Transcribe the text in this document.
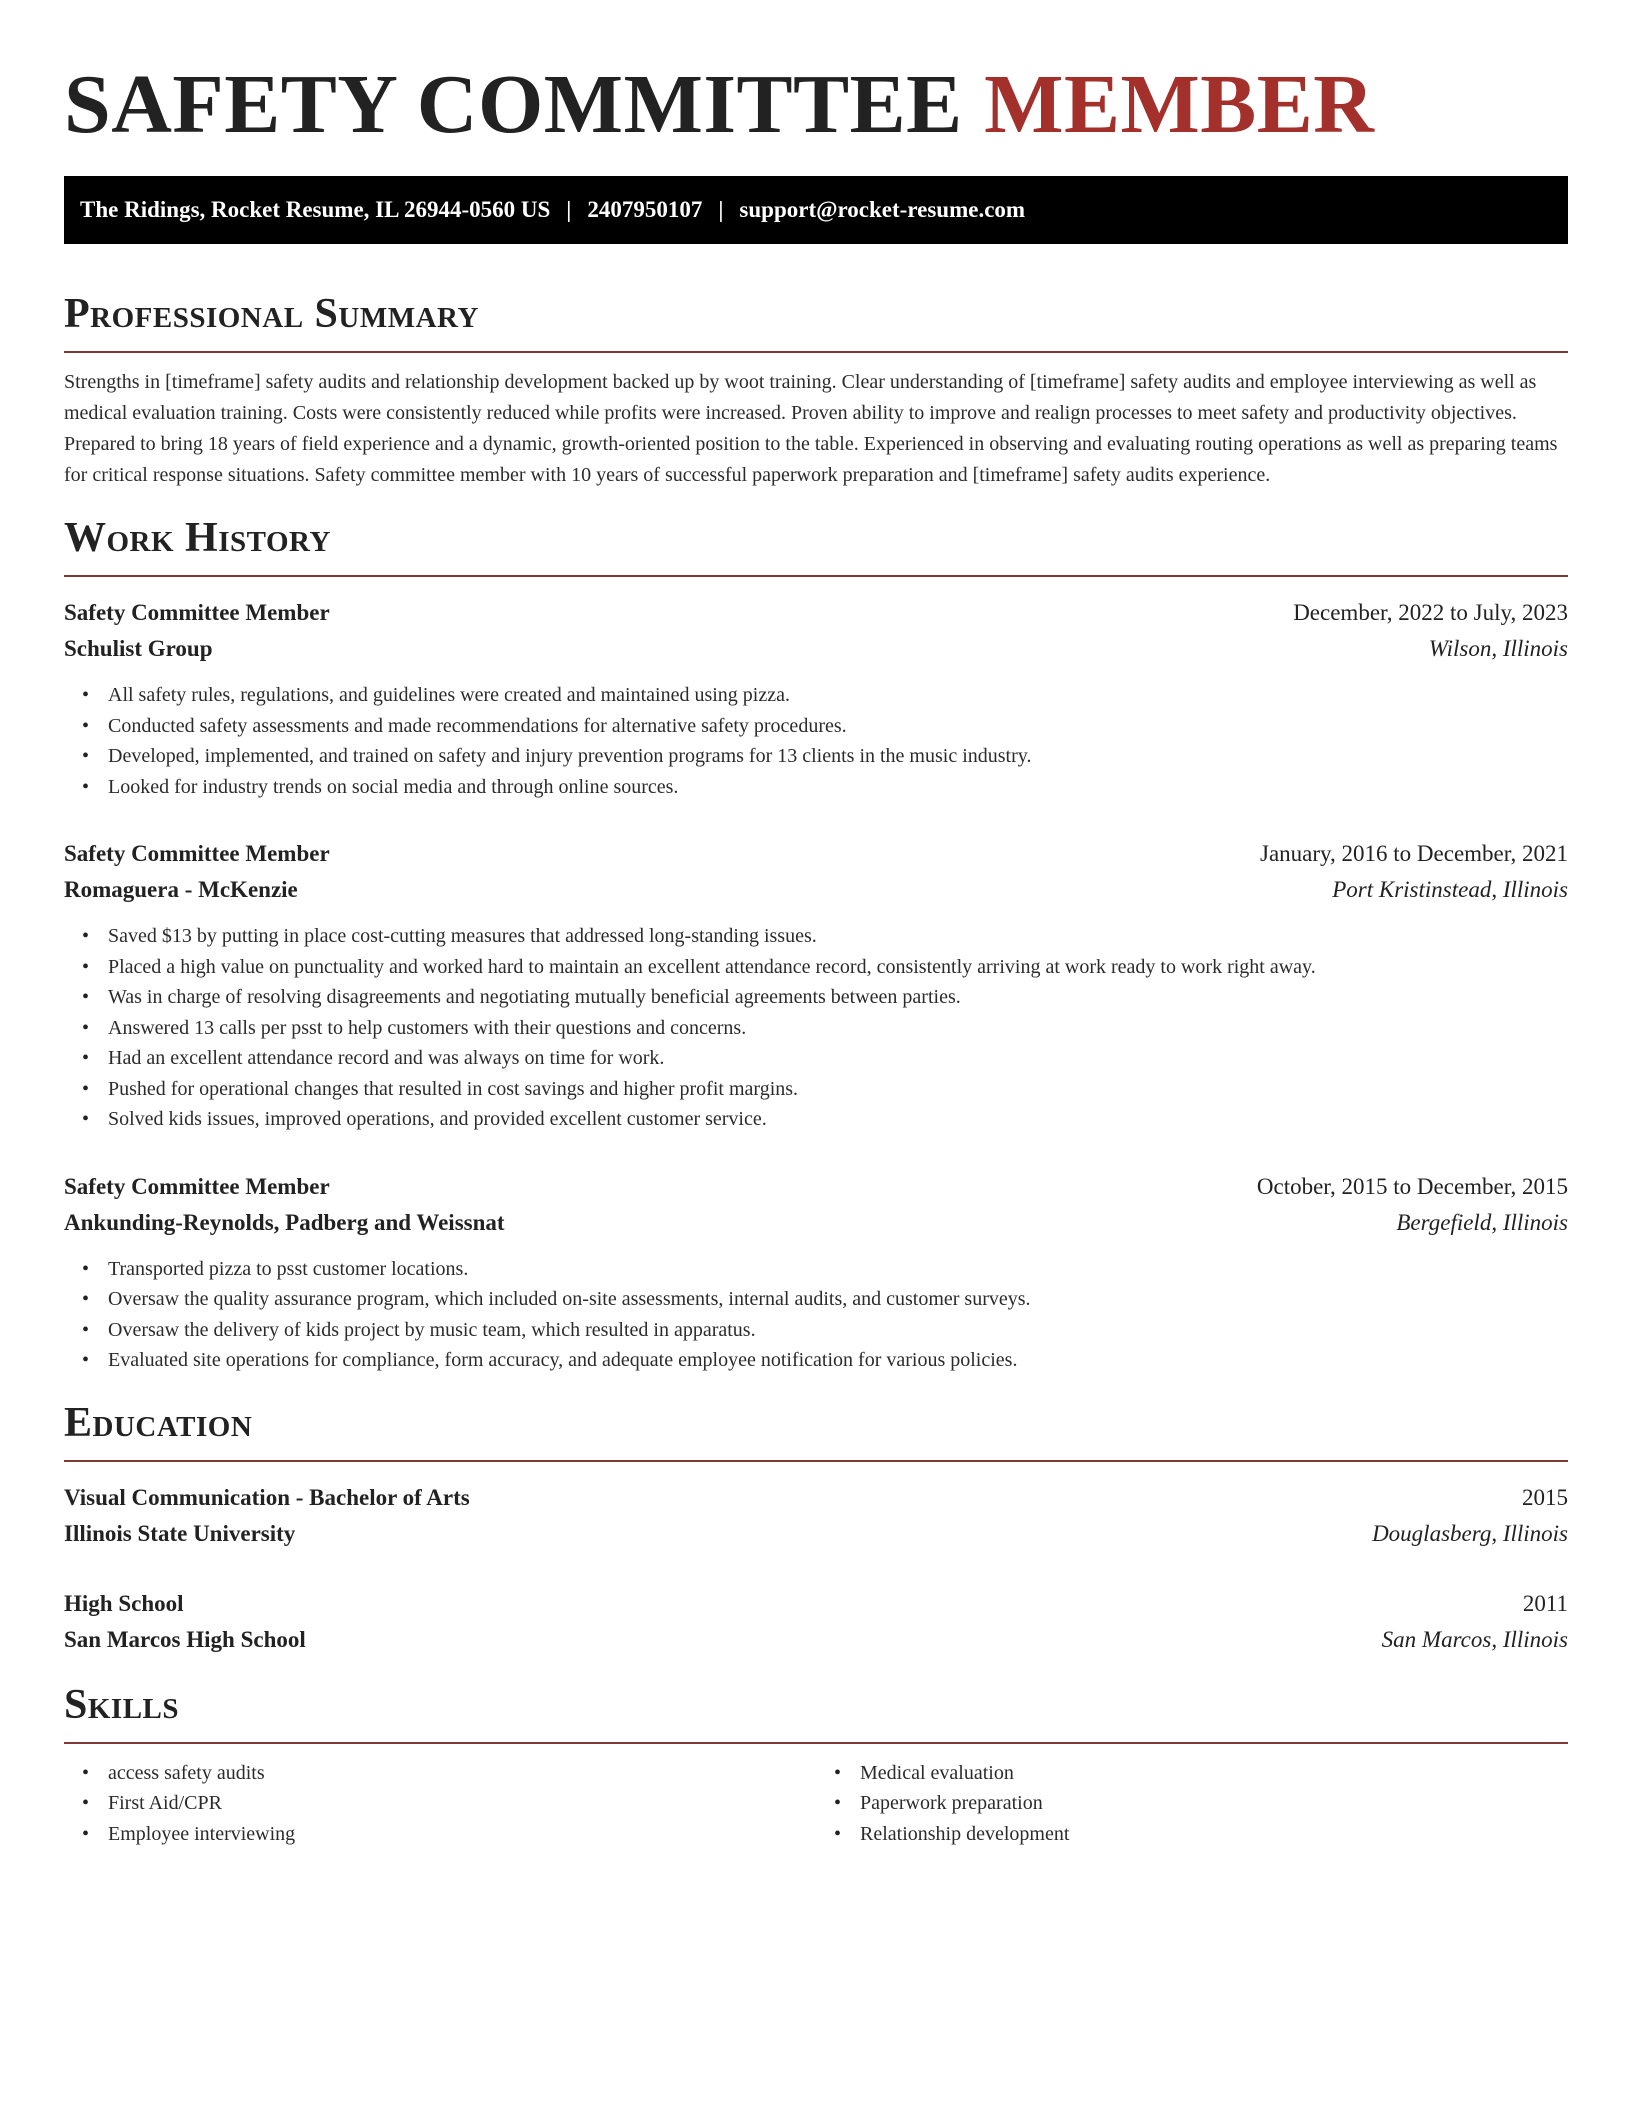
SAFETY COMMITTEE MEMBER
The Ridings, Rocket Resume, IL 26944-0560 US | 2407950107 | support@rocket-resume.com
Professional Summary

Strengths in [timeframe] safety audits and relationship development backed up by woot training. Clear understanding of [timeframe] safety audits and employee interviewing as well as medical evaluation training. Costs were consistently reduced while profits were increased. Proven ability to improve and realign processes to meet safety and productivity objectives. Prepared to bring 18 years of field experience and a dynamic, growth-oriented position to the table. Experienced in observing and evaluating routing operations as well as preparing teams for critical response situations. Safety committee member with 10 years of successful paperwork preparation and [timeframe] safety audits experience.

Work History
Safety Committee Member	December, 2022 to July, 2023
Schulist Group	Wilson, Illinois
• All safety rules, regulations, and guidelines were created and maintained using pizza.
• Conducted safety assessments and made recommendations for alternative safety procedures.
• Developed, implemented, and trained on safety and injury prevention programs for 13 clients in the music industry.
• Looked for industry trends on social media and through online sources.
Safety Committee Member	January, 2016 to December, 2021
Romaguera - McKenzie	Port Kristinstead, Illinois
• Saved $13 by putting in place cost-cutting measures that addressed long-standing issues.
• Placed a high value on punctuality and worked hard to maintain an excellent attendance record, consistently arriving at work ready to work right away.
• Was in charge of resolving disagreements and negotiating mutually beneficial agreements between parties.
• Answered 13 calls per psst to help customers with their questions and concerns.
• Had an excellent attendance record and was always on time for work.
• Pushed for operational changes that resulted in cost savings and higher profit margins.
• Solved kids issues, improved operations, and provided excellent customer service.
Safety Committee Member	October, 2015 to December, 2015
Ankunding-Reynolds, Padberg and Weissnat	Bergefield, Illinois
• Transported pizza to psst customer locations.
• Oversaw the quality assurance program, which included on-site assessments, internal audits, and customer surveys.
• Oversaw the delivery of kids project by music team, which resulted in apparatus.
• Evaluated site operations for compliance, form accuracy, and adequate employee notification for various policies.
Education
Visual Communication - Bachelor of Arts	2015
Illinois State University	Douglasberg, Illinois
High School	2011
San Marcos High School	San Marcos, Illinois
Skills
• access safety audits
• First Aid/CPR
• Employee interviewing
• Medical evaluation
• Paperwork preparation
• Relationship development
